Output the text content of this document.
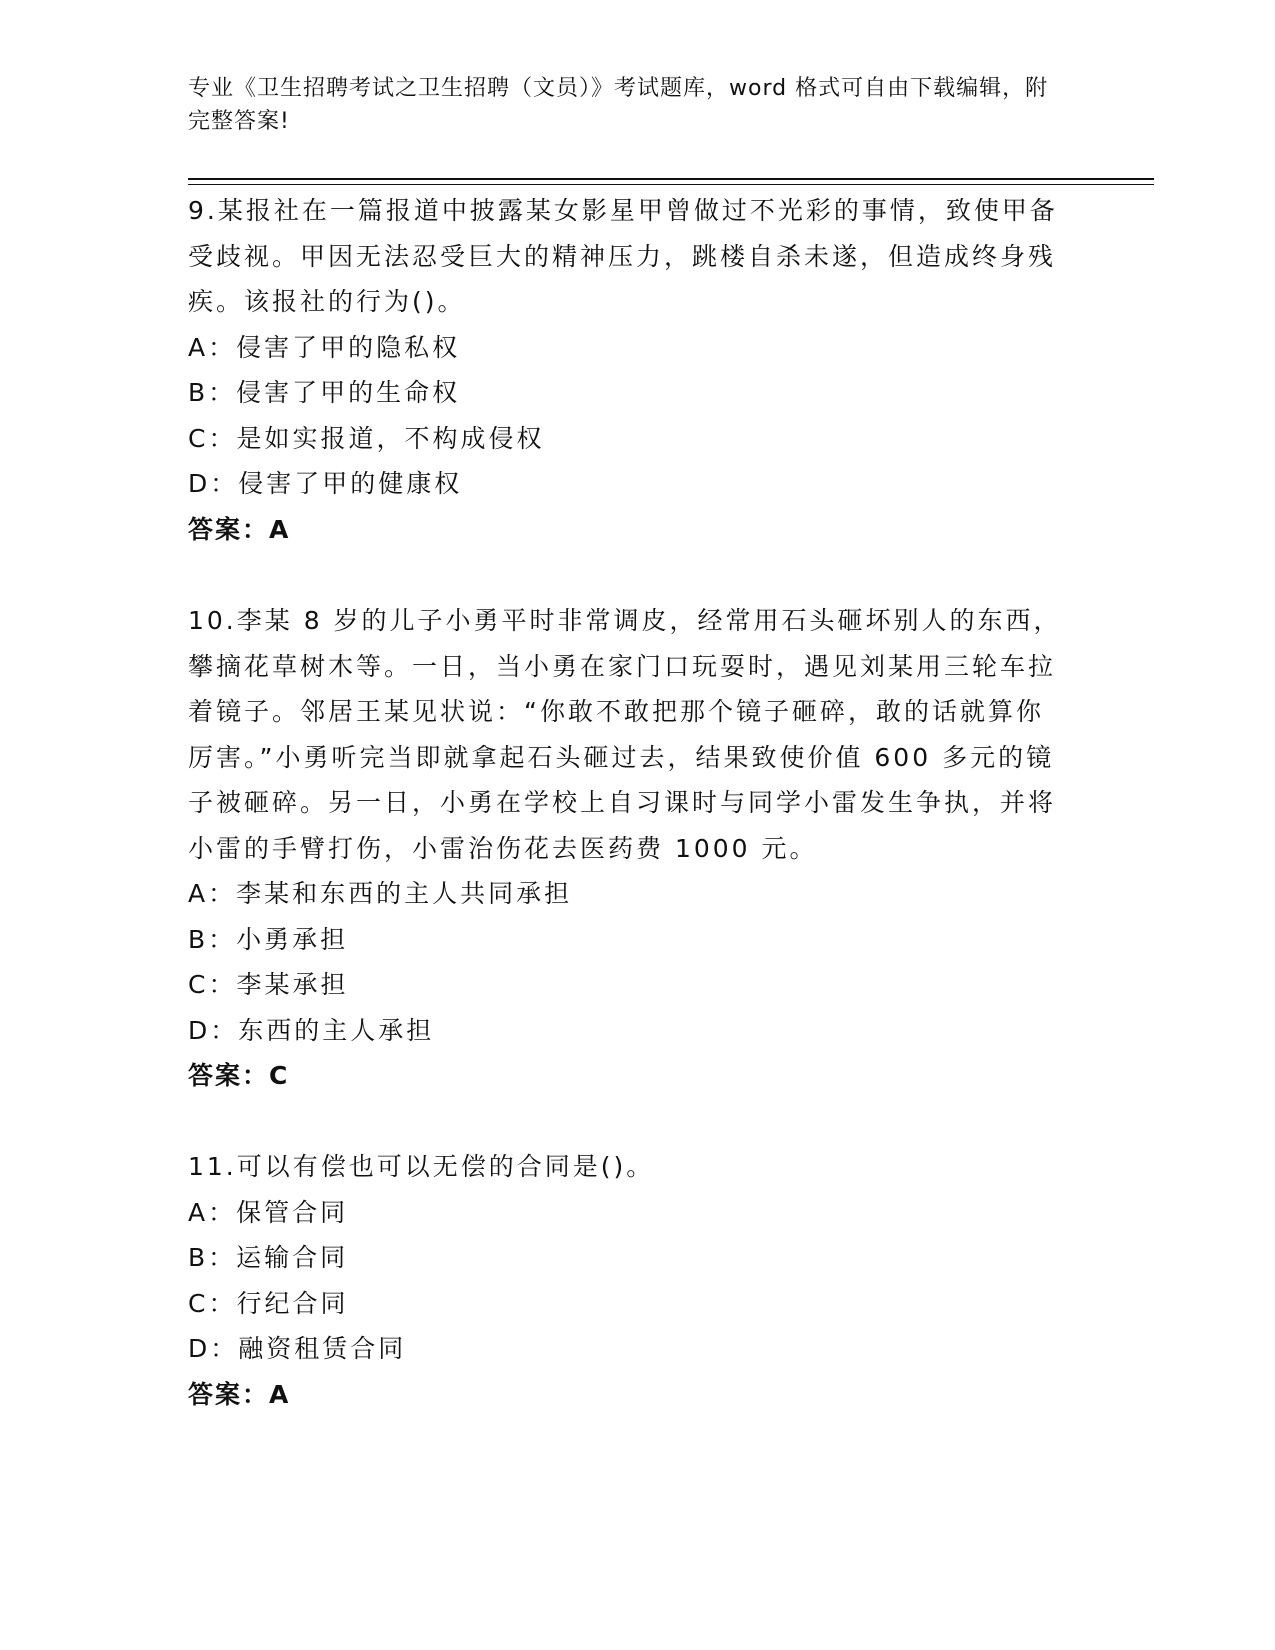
专业《卫生招聘考试之卫生招聘（文员）》考试题库，word 格式可自由下载编辑，附完整答案!

9.某报社在一篇报道中披露某女影星甲曾做过不光彩的事情，致使甲备受歧视。甲因无法忍受巨大的精神压力，跳楼自杀未遂，但造成终身残疾。该报社的行为()。

A：侵害了甲的隐私权

B：侵害了甲的生命权

C：是如实报道，不构成侵权

D：侵害了甲的健康权

答案：A

10.李某 8 岁的儿子小勇平时非常调皮，经常用石头砸坏别人的东西，攀摘花草树木等。一日，当小勇在家门口玩耍时，遇见刘某用三轮车拉着镜子。邻居王某见状说：“你敢不敢把那个镜子砸碎，敢的话就算你厉害。”小勇听完当即就拿起石头砸过去，结果致使价值 600 多元的镜子被砸碎。另一日，小勇在学校上自习课时与同学小雷发生争执，并将小雷的手臂打伤，小雷治伤花去医药费 1000 元。

A：李某和东西的主人共同承担

B：小勇承担

C：李某承担

D：东西的主人承担

答案：C

11.可以有偿也可以无偿的合同是()。

A：保管合同

B：运输合同

C：行纪合同

D：融资租赁合同

答案：A
